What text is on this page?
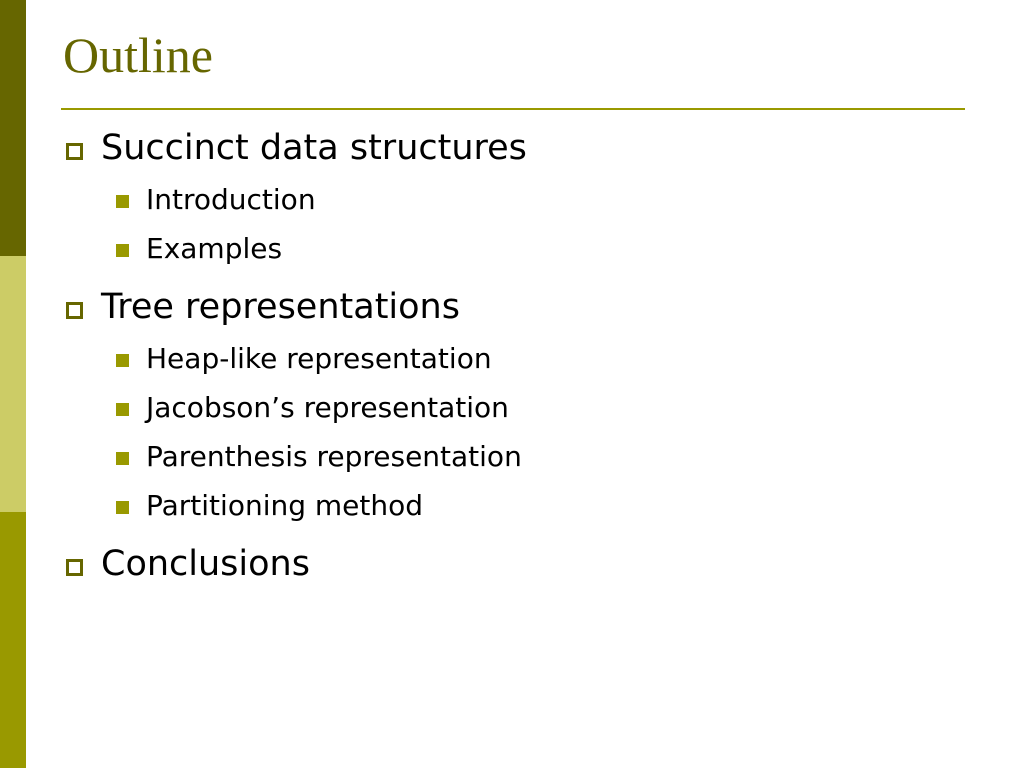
Outline
Succinct data structures
Introduction
Examples
Tree representations
Heap-like representation
Jacobson’s representation
Parenthesis representation
Partitioning method
Conclusions
